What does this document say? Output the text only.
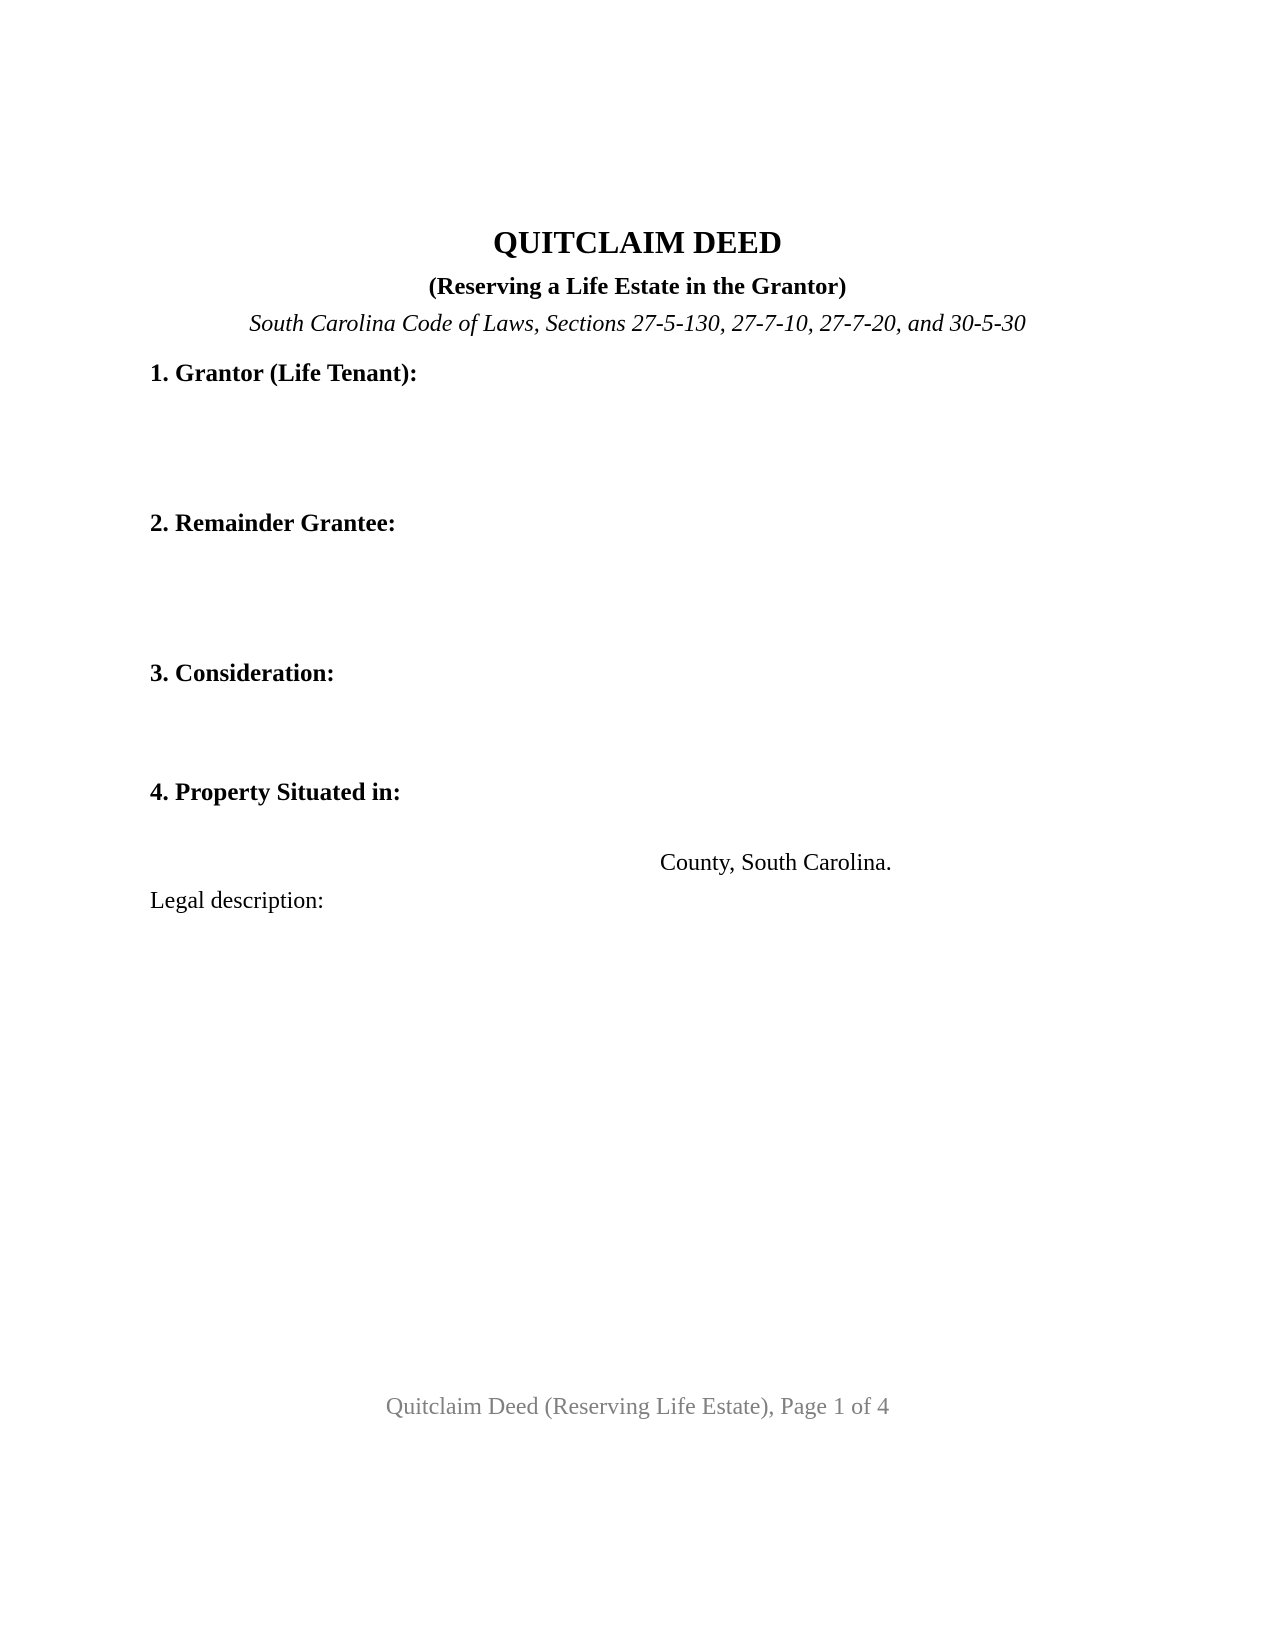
QUITCLAIM DEED
(Reserving a Life Estate in the Grantor)
South Carolina Code of Laws, Sections 27-5-130, 27-7-10, 27-7-20, and 30-5-30
1. Grantor (Life Tenant):
2. Remainder Grantee:
3. Consideration:
4. Property Situated in:
County, South Carolina.
Legal description:
Quitclaim Deed (Reserving Life Estate), Page 1 of 4
